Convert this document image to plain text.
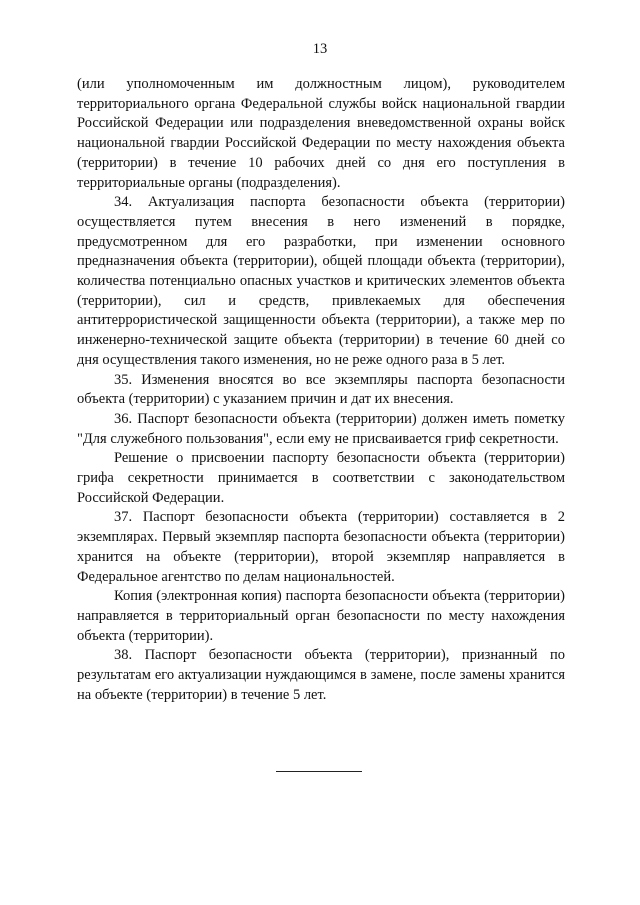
13

(или уполномоченным им должностным лицом), руководителем территориального органа Федеральной службы войск национальной гвардии Российской Федерации или подразделения вневедомственной охраны войск национальной гвардии Российской Федерации по месту нахождения объекта (территории) в течение 10 рабочих дней со дня его поступления в территориальные органы (подразделения).

34. Актуализация паспорта безопасности объекта (территории) осуществляется путем внесения в него изменений в порядке, предусмотренном для его разработки, при изменении основного предназначения объекта (территории), общей площади объекта (территории), количества потенциально опасных участков и критических элементов объекта (территории), сил и средств, привлекаемых для обеспечения антитеррористической защищенности объекта (территории), а также мер по инженерно-технической защите объекта (территории) в течение 60 дней со дня осуществления такого изменения, но не реже одного раза в 5 лет.

35. Изменения вносятся во все экземпляры паспорта безопасности объекта (территории) с указанием причин и дат их внесения.

36. Паспорт безопасности объекта (территории) должен иметь пометку "Для служебного пользования", если ему не присваивается гриф секретности.

Решение о присвоении паспорту безопасности объекта (территории) грифа секретности принимается в соответствии с законодательством Российской Федерации.

37. Паспорт безопасности объекта (территории) составляется в 2 экземплярах. Первый экземпляр паспорта безопасности объекта (территории) хранится на объекте (территории), второй экземпляр направляется в Федеральное агентство по делам национальностей.

Копия (электронная копия) паспорта безопасности объекта (территории) направляется в территориальный орган безопасности по месту нахождения объекта (территории).

38. Паспорт безопасности объекта (территории), признанный по результатам его актуализации нуждающимся в замене, после замены хранится на объекте (территории) в течение 5 лет.
